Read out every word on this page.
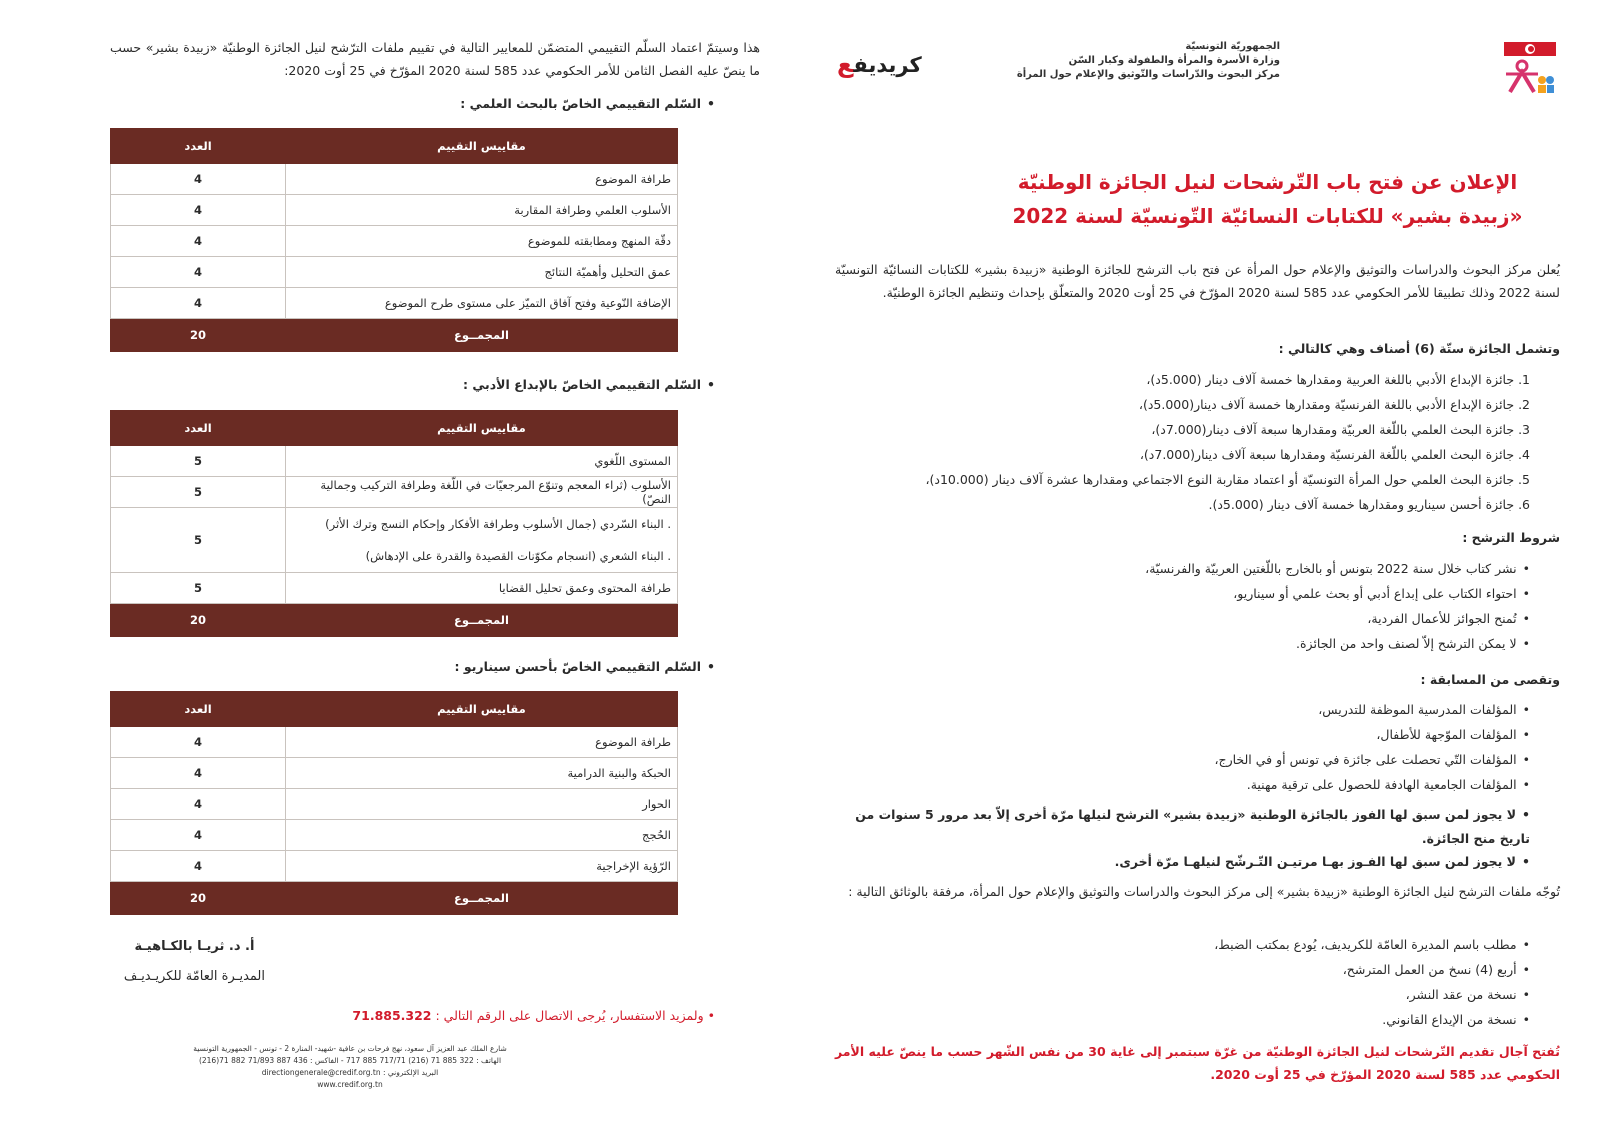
الجمهوريّة التونسيّة
وزارة الأسرة والمرأة والطفولة وكبار السّن
مركز البحوث والدّراسات والتّوثيق والإعلام حول المرأة
كريديفع
الإعلان عن فتح باب التّرشحات لنيل الجائزة الوطنيّة
«زبيدة بشير» للكتابات النسائيّة التّونسيّة لسنة 2022

يُعلن مركز البحوث والدراسات والتوثيق والإعلام حول المرأة عن فتح باب الترشح للجائزة الوطنية «زبيدة بشير» للكتابات النسائيّة التونسيّة لسنة 2022 وذلك تطبيقا للأمر الحكومي عدد 585 لسنة 2020 المؤرّخ في 25 أوت 2020 والمتعلّق بإحداث وتنظيم الجائزة الوطنيّة.

وتشمل الجائزة ستّة (6) أصناف وهي كالتالي :
1. جائزة الإبداع الأدبي باللغة العربية ومقدارها خمسة آلاف دينار (5.000د)،
2. جائزة الإبداع الأدبي باللغة الفرنسيّة ومقدارها خمسة آلاف دينار(5.000د)،
3. جائزة البحث العلمي باللّغة العربيّة ومقدارها سبعة آلاف دينار(7.000د)،
4. جائزة البحث العلمي باللّغة الفرنسيّة ومقدارها سبعة آلاف دينار(7.000د)،
5. جائزة البحث العلمي حول المرأة التونسيّة أو اعتماد مقاربة النوع الاجتماعي ومقدارها عشرة آلاف دينار (10.000د)،
6. جائزة أحسن سيناريو ومقدارها خمسة آلاف دينار (5.000د).
شروط الترشح :
• نشر كتاب خلال سنة 2022 بتونس أو بالخارج باللّغتين العربيّة والفرنسيّة،
• احتواء الكتاب على إبداع أدبي أو بحث علمي أو سيناريو،
• تُمنح الجوائز للأعمال الفردية،
• لا يمكن الترشح إلاّ لصنف واحد من الجائزة.
وتقصى من المسابقة :
• المؤلفات المدرسية الموظفة للتدريس،
• المؤلفات الموّجهة للأطفال،
• المؤلفات التّي تحصلت على جائزة في تونس أو في الخارج،
• المؤلفات الجامعية الهادفة للحصول على ترقية مهنية.
• لا يجوز لمن سبق لها الفوز بالجائزة الوطنية «زبيدة بشير» الترشح لنيلها مرّة أخرى إلاّ بعد مرور 5 سنوات من تاريخ منح الجائزة.
• لا يجوز لمن سبق لها الفـوز بهـا مرتيـن التّـرشّح لنيلهـا مرّة أخرى.

تُوجّه ملفات الترشح لنيل الجائزة الوطنية «زبيدة بشير» إلى مركز البحوث والدراسات والتوثيق والإعلام حول المرأة، مرفقة بالوثائق التالية :

• مطلب باسم المديرة العامّة للكريديف، يُودع بمكتب الضبط،
• أربع (4) نسخ من العمل المترشح،
• نسخة من عقد النشر،
• نسخة من الإيداع القانوني.

تُفتح آجال تقديم التّرشحات لنيل الجائزة الوطنيّة من غرّة سبتمبر إلى غاية 30 من نفس الشّهر حسب ما ينصّ عليه الأمر الحكومي عدد 585 لسنة 2020 المؤرّخ في 25 أوت 2020.

هذا وسيتمّ اعتماد السلّم التقييمي المتضمّن للمعايير التالية في تقييم ملفات الترّشح لنيل الجائزة الوطنيّة «زبيدة بشير» حسب ما ينصّ عليه الفصل الثامن للأمر الحكومي عدد 585 لسنة 2020 المؤرّخ في 25 أوت 2020:

• السّلم التقييمي الخاصّ بالبحث العلمي :
مقاييس التقييم	العدد
طرافة الموضوع	4
الأسلوب العلمي وطرافة المقاربة	4
دقّة المنهج ومطابقته للموضوع	4
عمق التحليل وأهميّة النتائج	4
الإضافة النّوعية وفتح آفاق التميّز على مستوى طرح الموضوع	4
المجمــوع	20
• السّلم التقييمي الخاصّ بالإبداع الأدبي :
مقاييس التقييم	العدد
المستوى اللّغوي	5
الأسلوب (ثراء المعجم وتنوّع المرجعيّات في اللّغة وطرافة التركيب وجمالية النصّ)	5

. البناء السّردي (جمال الأسلوب وطرافة الأفكار وإحكام النسج وترك الأثر)
. البناء الشعري (انسجام مكوّنات القصيدة والقدرة على الإدهاش)	5
طرافة المحتوى وعمق تحليل القضايا	5
المجمــوع	20
• السّلم التقييمي الخاصّ بأحسن سيناريو :
مقاييس التقييم	العدد
طرافة الموضوع	4
الحبكة والبنية الدرامية	4
الحوار	4
الحُجج	4
الرّؤية الإخراجية	4
المجمــوع	20
أ. د. ثريـا بالكـاهيـة
المديـرة العامّة للكريـديـف
• ولمزيد الاستفسار، يُرجى الاتصال على الرقم التالي : 71.885.322
شارع الملك عبد العزيز آل سعود، نهج فرحات بن عافية -شهيد- المنارة 2 - تونس - الجمهورية التونسية
الهاتف : 322 885 71 (216) 717/71 885 717 - الفاكس : 436 887 71/893 882 71(216)
البريد الإلكتروني : directiongenerale@credif.org.tn
www.credif.org.tn
